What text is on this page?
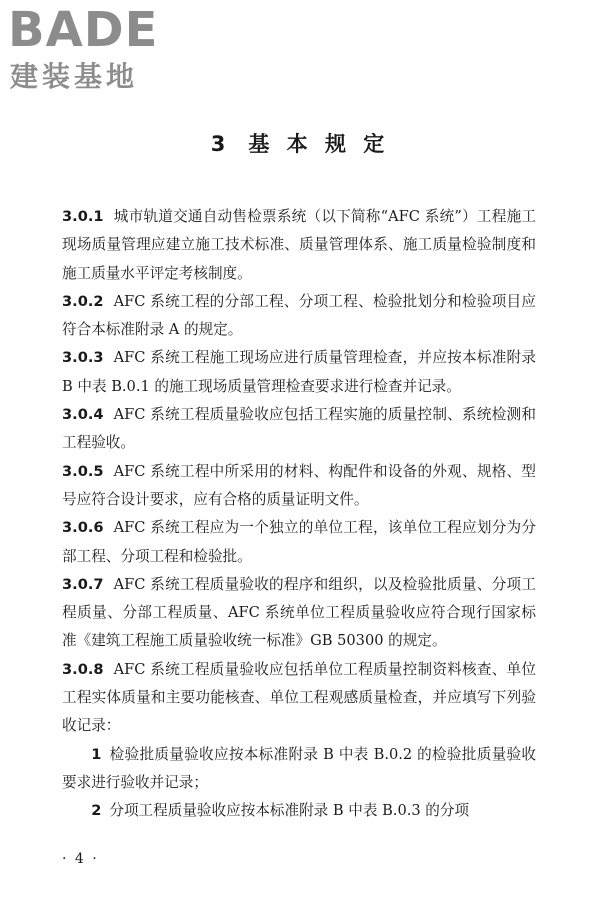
BADE
建装基地
3 基 本 规 定

3.0.1 城市轨道交通自动售检票系统（以下简称“AFC 系统”）工程施工现场质量管理应建立施工技术标准、质量管理体系、施工质量检验制度和施工质量水平评定考核制度。

3.0.2 AFC 系统工程的分部工程、分项工程、检验批划分和检验项目应符合本标准附录 A 的规定。

3.0.3 AFC 系统工程施工现场应进行质量管理检查，并应按本标准附录 B 中表 B.0.1 的施工现场质量管理检查要求进行检查并记录。

3.0.4 AFC 系统工程质量验收应包括工程实施的质量控制、系统检测和工程验收。

3.0.5 AFC 系统工程中所采用的材料、构配件和设备的外观、规格、型号应符合设计要求，应有合格的质量证明文件。

3.0.6 AFC 系统工程应为一个独立的单位工程，该单位工程应划分为分部工程、分项工程和检验批。

3.0.7 AFC 系统工程质量验收的程序和组织，以及检验批质量、分项工程质量、分部工程质量、AFC 系统单位工程质量验收应符合现行国家标准《建筑工程施工质量验收统一标准》GB 50300 的规定。

3.0.8 AFC 系统工程质量验收应包括单位工程质量控制资料核查、单位工程实体质量和主要功能核查、单位工程观感质量检查，并应填写下列验收记录：

1 检验批质量验收应按本标准附录 B 中表 B.0.2 的检验批质量验收要求进行验收并记录；

2 分项工程质量验收应按本标准附录 B 中表 B.0.3 的分项

· 4 ·
